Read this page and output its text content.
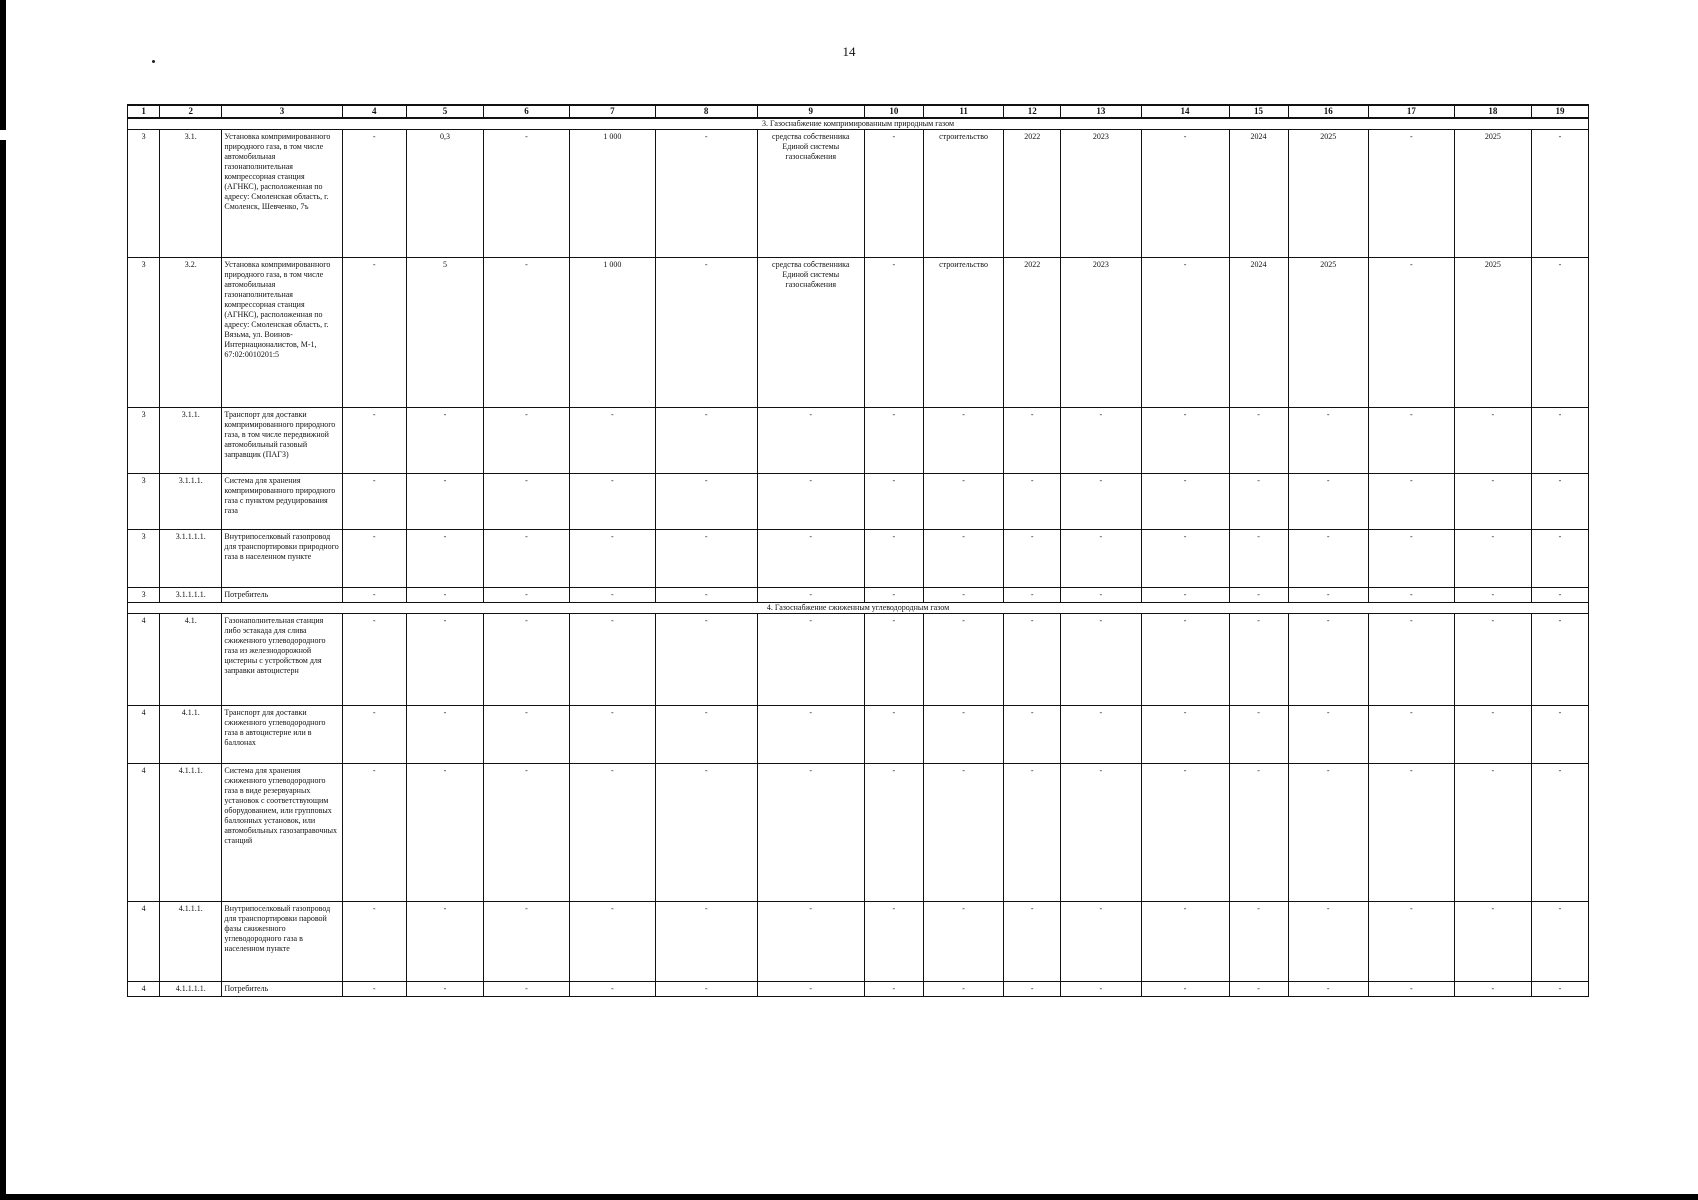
14
1	2	3	4	5	6	7	8	9	10	11	12	13	14	15	16	17	18	19
3. Газоснабжение компримированным природным газом																		
3	3.1.	Установка компримированного природного газа, в том числе автомобильная газонаполнительная компрессорная станция (АГНКС), расположенная по адресу: Смоленская область, г. Смоленск, Шевченко, 7ъ	-	0,3	-	1 000	-	средства собственника Единой системы газоснабжения	-	строительство	2022	2023	-	2024	2025	-	2025	-
3	3.2.	Установка компримированного природного газа, в том числе автомобильная газонаполнительная компрессорная станция (АГНКС), расположенная по адресу: Смоленская область, г. Вязьма, ул. Воинов-Интернационалистов, М-1, 67:02:0010201:5	-	5	-	1 000	-	средства собственника Единой системы газоснабжения	-	строительство	2022	2023	-	2024	2025	-	2025	-
3	3.1.1.	Транспорт для доставки компримированного природного газа, в том числе передвижной автомобильный газовый заправщик (ПАГЗ)	-	-	-	-	-	-	-	-	-	-	-	-	-	-	-	-
3	3.1.1.1.	Система для хранения компримированного природного газа с пунктом редуцирования газа	-	-	-	-	-	-	-	-	-	-	-	-	-	-	-	-
3	3.1.1.1.1.	Внутрипоселковый газопровод для транспортировки природного газа в населенном пункте	-	-	-	-	-	-	-	-	-	-	-	-	-	-	-	-
3	3.1.1.1.1.	Потребитель	-	-	-	-	-	-	-	-	-	-	-	-	-	-	-	-
4. Газоснабжение сжиженным углеводородным газом																		
4	4.1.	Газонаполнительная станция либо эстакада для слива сжиженного углеводородного газа из железнодорожной цистерны с устройством для заправки автоцистерн	-	-	-	-	-	-	-	-	-	-	-	-	-	-	-	-
4	4.1.1.	Транспорт для доставки сжиженного углеводородного газа в автоцистерне или в баллонах	-	-	-	-	-	-	-	-	-	-	-	-	-	-	-	-
4	4.1.1.1.	Система для хранения сжиженного углеводородного газа в виде резервуарных установок с соответствующим оборудованием, или групповых баллонных установок, или автомобильных газозаправочных станций	-	-	-	-	-	-	-	-	-	-	-	-	-	-	-	-
4	4.1.1.1.	Внутрипоселковый газопровод для транспортировки паровой фазы сжиженного углеводородного газа в населенном пункте	-	-	-	-	-	-	-	-	-	-	-	-	-	-	-	-
4	4.1.1.1.1.	Потребитель	-	-	-	-	-	-	-	-	-	-	-	-	-	-	-	-
